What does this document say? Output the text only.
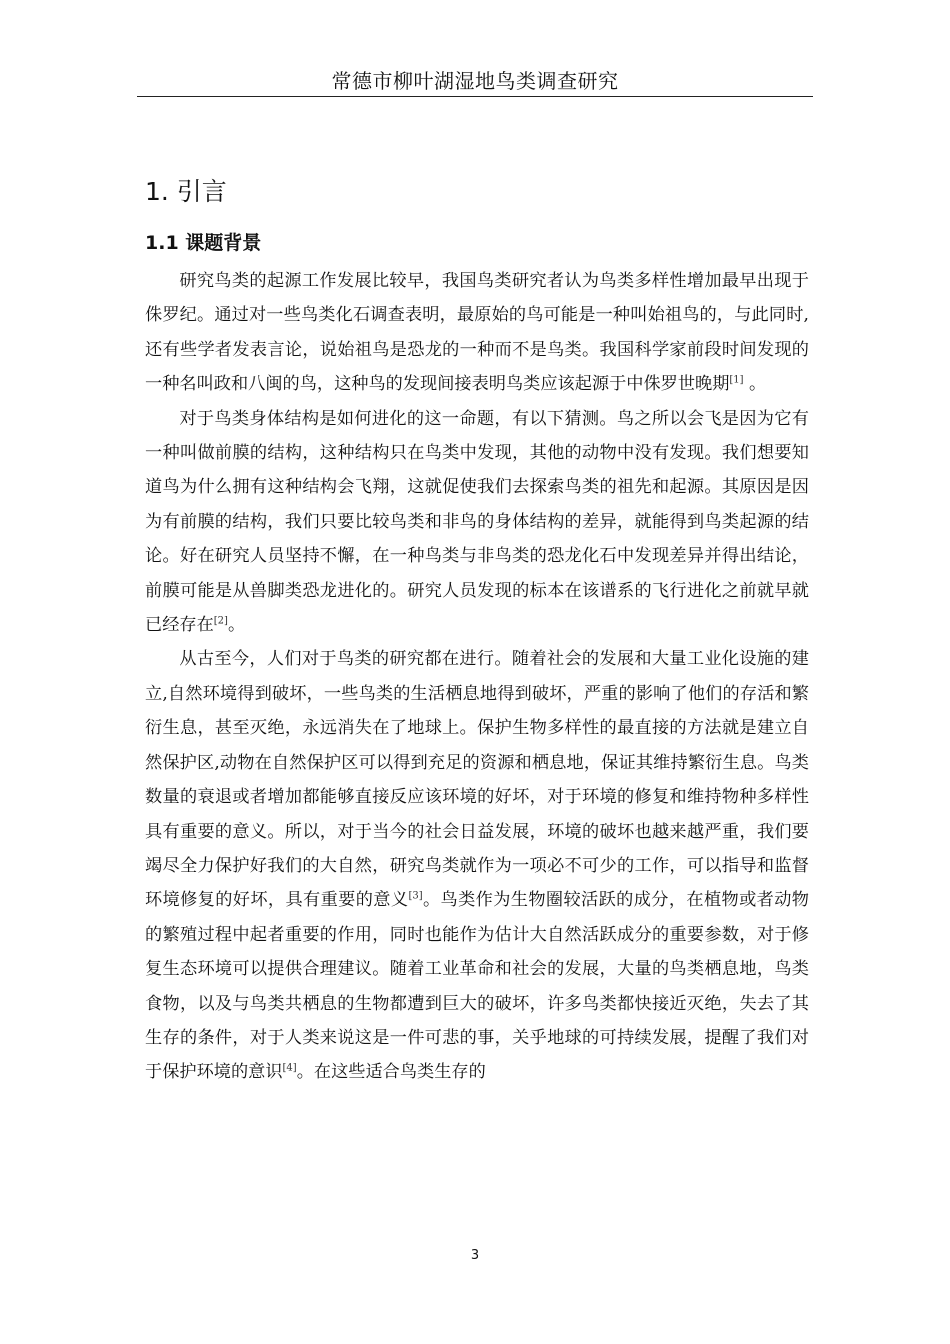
常德市柳叶湖湿地鸟类调查研究
1. 引言
1.1 课题背景

研究鸟类的起源工作发展比较早，我国鸟类研究者认为鸟类多样性增加最早出现于侏罗纪。通过对一些鸟类化石调查表明，最原始的鸟可能是一种叫始祖鸟的，与此同时,还有些学者发表言论，说始祖鸟是恐龙的一种而不是鸟类。我国科学家前段时间发现的一种名叫政和八闽的鸟，这种鸟的发现间接表明鸟类应该起源于中侏罗世晚期[1] 。

对于鸟类身体结构是如何进化的这一命题，有以下猜测。鸟之所以会飞是因为它有一种叫做前膜的结构，这种结构只在鸟类中发现，其他的动物中没有发现。我们想要知道鸟为什么拥有这种结构会飞翔，这就促使我们去探索鸟类的祖先和起源。其原因是因为有前膜的结构，我们只要比较鸟类和非鸟的身体结构的差异，就能得到鸟类起源的结论。好在研究人员坚持不懈，在一种鸟类与非鸟类的恐龙化石中发现差异并得出结论，前膜可能是从兽脚类恐龙进化的。研究人员发现的标本在该谱系的飞行进化之前就早就已经存在[2]。

从古至今，人们对于鸟类的研究都在进行。随着社会的发展和大量工业化设施的建立,自然环境得到破坏，一些鸟类的生活栖息地得到破坏，严重的影响了他们的存活和繁衍生息，甚至灭绝，永远消失在了地球上。保护生物多样性的最直接的方法就是建立自然保护区,动物在自然保护区可以得到充足的资源和栖息地，保证其维持繁衍生息。鸟类数量的衰退或者增加都能够直接反应该环境的好坏，对于环境的修复和维持物种多样性具有重要的意义。所以，对于当今的社会日益发展，环境的破坏也越来越严重，我们要竭尽全力保护好我们的大自然，研究鸟类就作为一项必不可少的工作，可以指导和监督环境修复的好坏，具有重要的意义[3]。鸟类作为生物圈较活跃的成分，在植物或者动物的繁殖过程中起者重要的作用，同时也能作为估计大自然活跃成分的重要参数，对于修复生态环境可以提供合理建议。随着工业革命和社会的发展，大量的鸟类栖息地，鸟类食物，以及与鸟类共栖息的生物都遭到巨大的破坏，许多鸟类都快接近灭绝，失去了其生存的条件，对于人类来说这是一件可悲的事，关乎地球的可持续发展，提醒了我们对于保护环境的意识[4]。在这些适合鸟类生存的

3
